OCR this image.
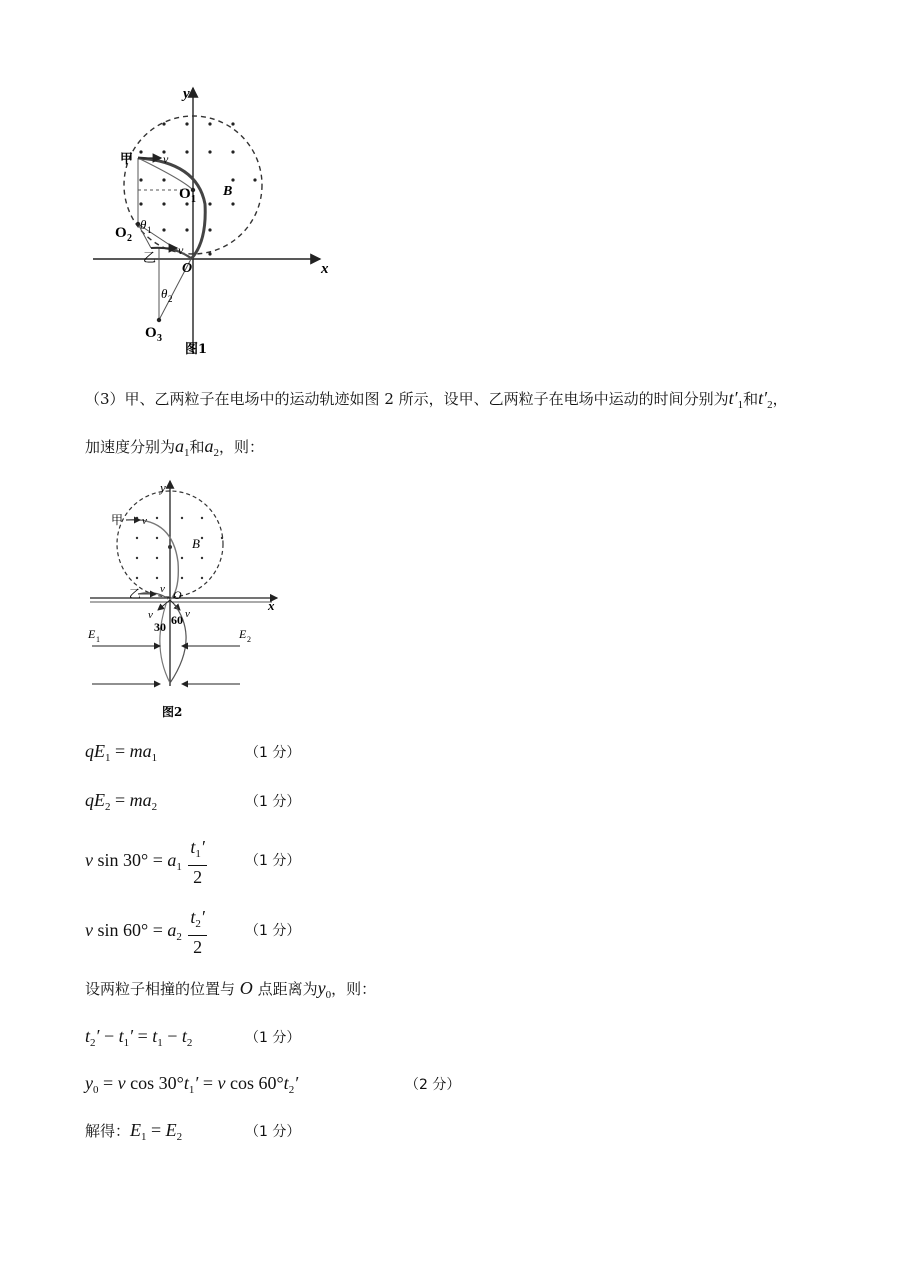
y
x
甲 v
O 1
B
θ 1
O 2
v
乙
O
θ 2
O 3
图1
（3）甲、乙两粒子在电场中的运动轨迹如图 2 所示，设甲、乙两粒子在电场中运动的时间分别为$t'_1$和$t'_2$，
加速度分别为$a_1$和$a_2$，则：
y
x
甲 v
B
v
乙	O
v	v
30 60
E 1	E 2
图2
$qE_1 = ma_1$	（1 分）
$qE_2 = ma_2$	（1 分）
v $\sin 30^\circ = a_1 \frac{t_1'}{2}$	（1 分）
v $\sin 60^\circ = a_2 \frac{t_2'}{2}$	（1 分）
设两粒子相撞的位置与 O 点距离为$y_0$，则：
$t_2' - t_1' = t_1 - t_2$	（1 分）
$y_0 = v$ $\cos 30^\circ t_1' = v$ $\cos 60^\circ t_2'$	（2 分）
解得：$E_1 = E_2$	（1 分）
